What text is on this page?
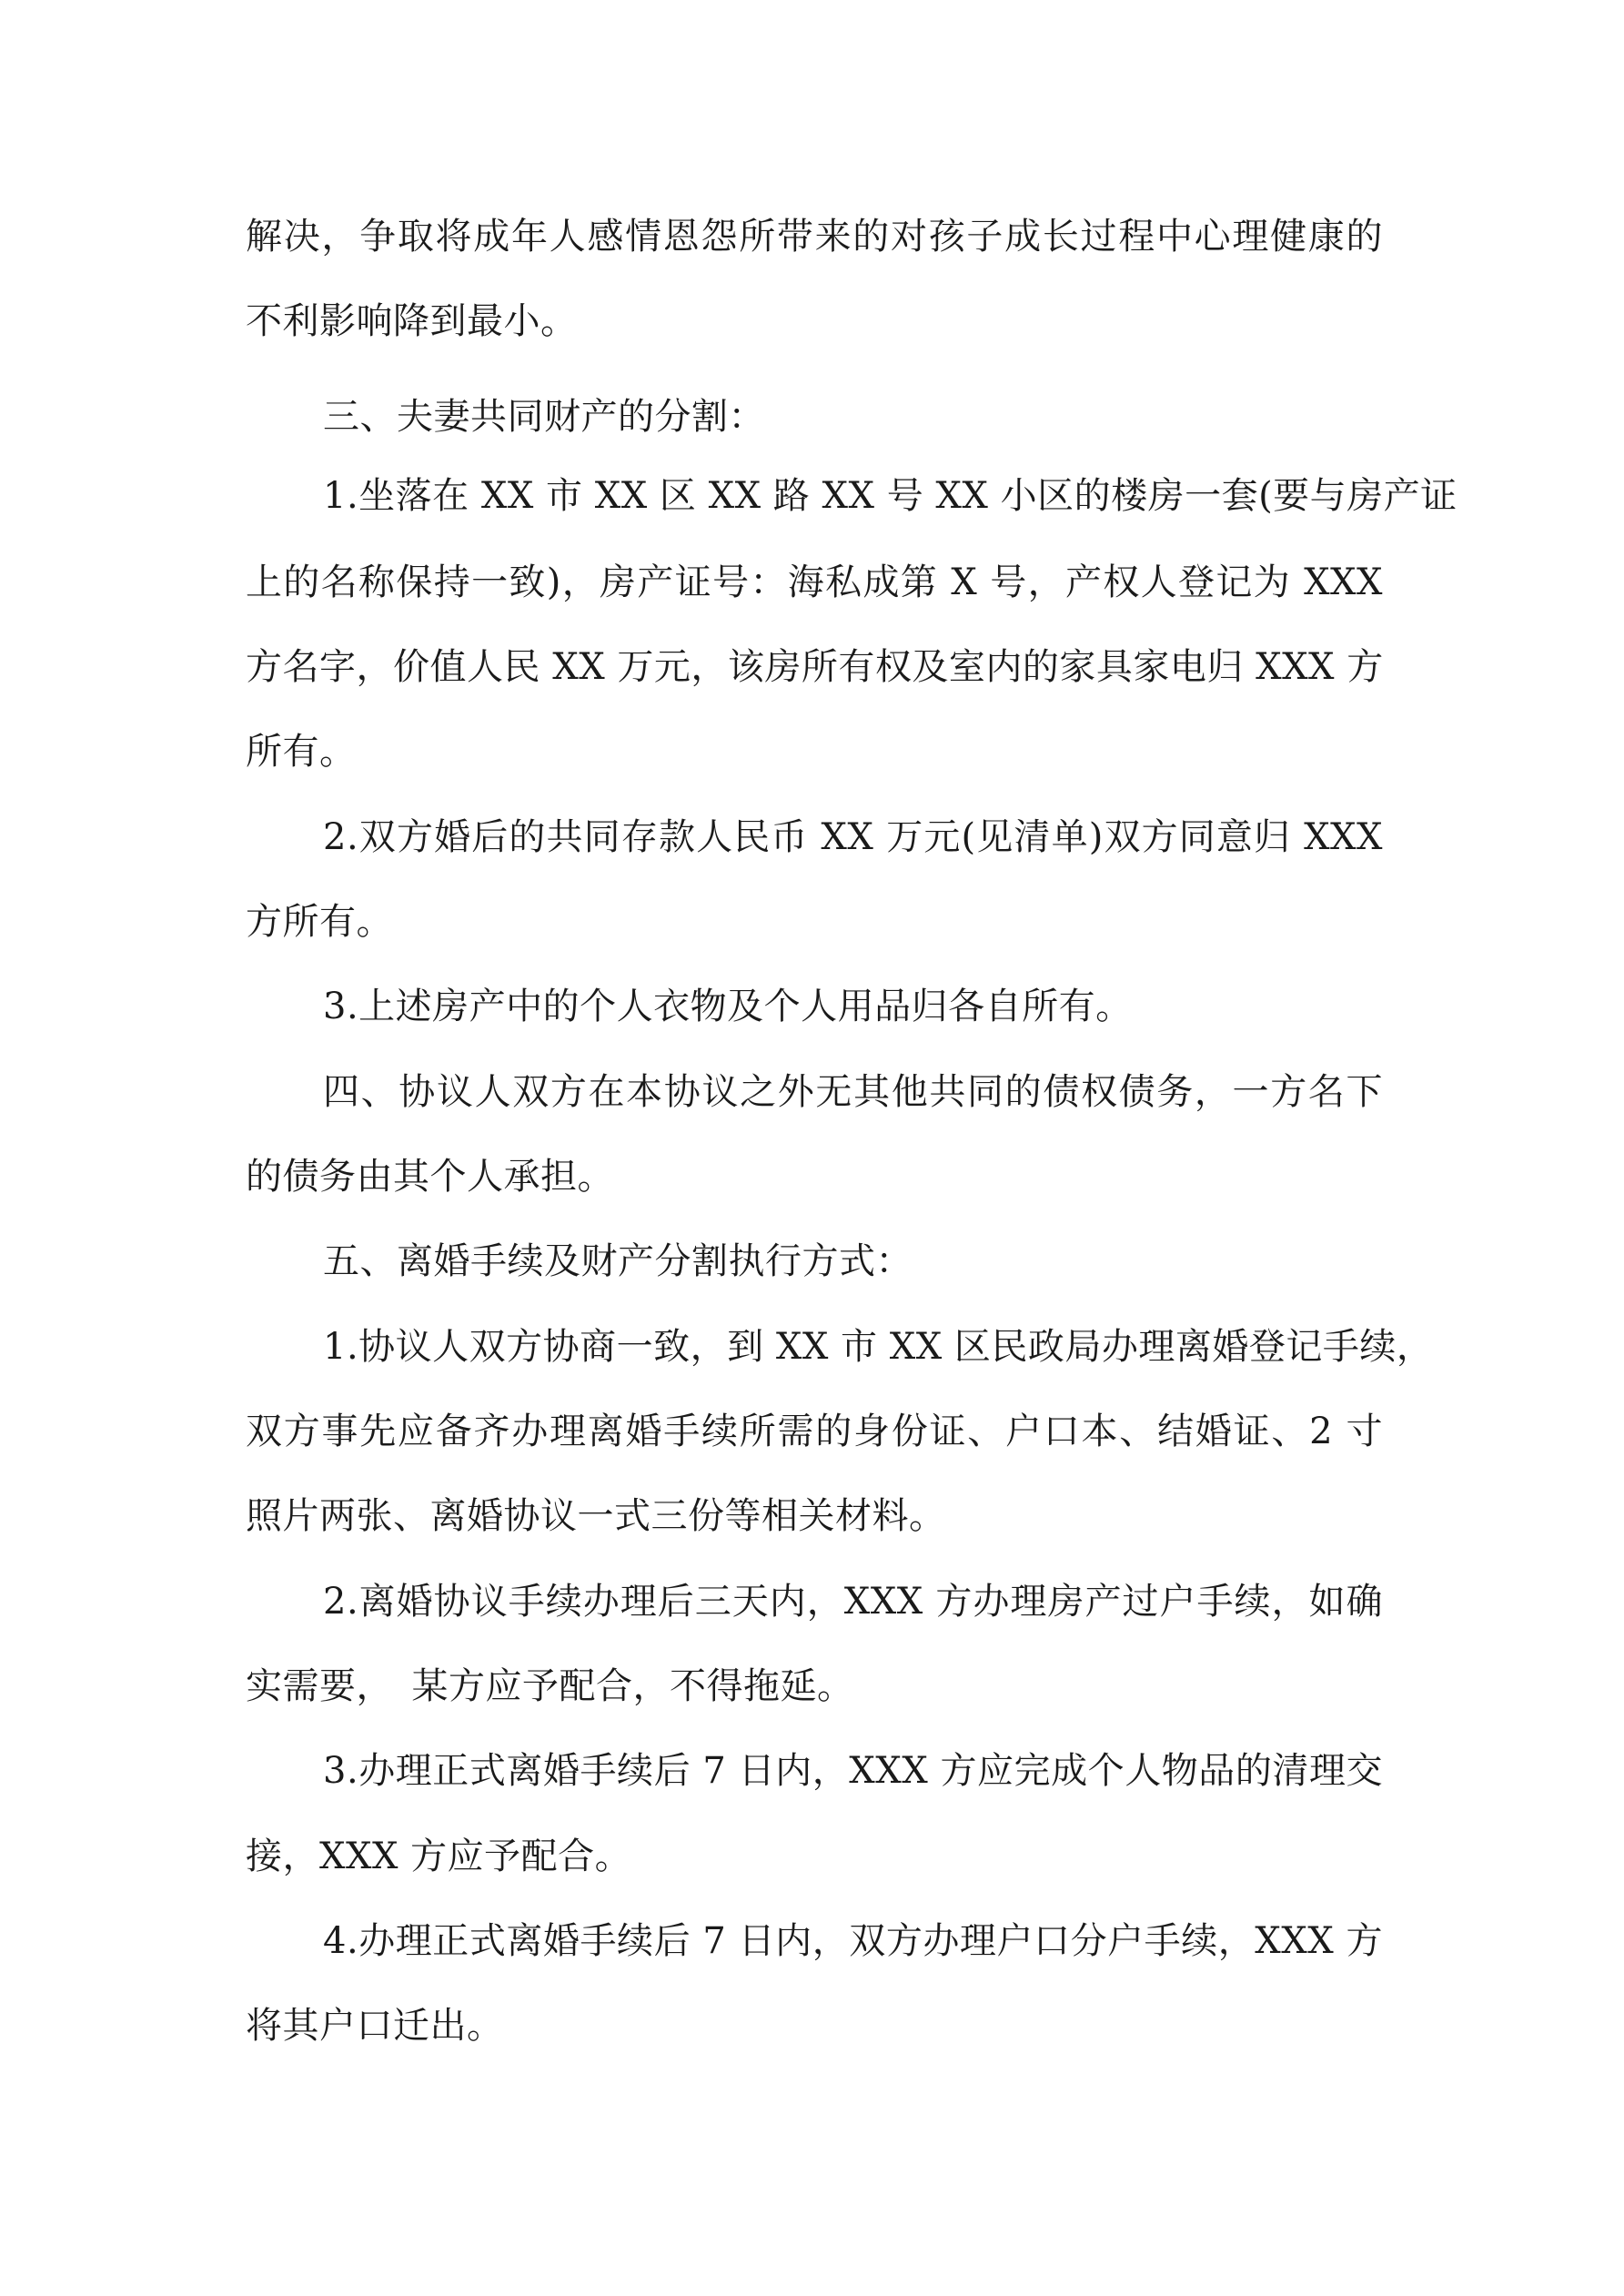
解决，争取将成年人感情恩怨所带来的对孩子成长过程中心理健康的

不利影响降到最小。

三、夫妻共同财产的分割：

1.坐落在 XX 市 XX 区 XX 路 XX 号 XX 小区的楼房一套(要与房产证

上的名称保持一致)，房产证号：海私成第 X 号，产权人登记为 XXX

方名字，价值人民 XX 万元，该房所有权及室内的家具家电归 XXX 方

所有。

2.双方婚后的共同存款人民币 XX 万元(见清单)双方同意归 XXX

方所有。

3.上述房产中的个人衣物及个人用品归各自所有。

四、协议人双方在本协议之外无其他共同的债权债务，一方名下

的债务由其个人承担。

五、离婚手续及财产分割执行方式：

1.协议人双方协商一致，到 XX 市 XX 区民政局办理离婚登记手续，

双方事先应备齐办理离婚手续所需的身份证、户口本、结婚证、2 寸

照片两张、离婚协议一式三份等相关材料。

2.离婚协议手续办理后三天内，XXX 方办理房产过户手续，如确

实需要，　某方应予配合，不得拖延。

3.办理正式离婚手续后 7 日内，XXX 方应完成个人物品的清理交

接，XXX 方应予配合。

4.办理正式离婚手续后 7 日内，双方办理户口分户手续，XXX 方

将其户口迁出。
